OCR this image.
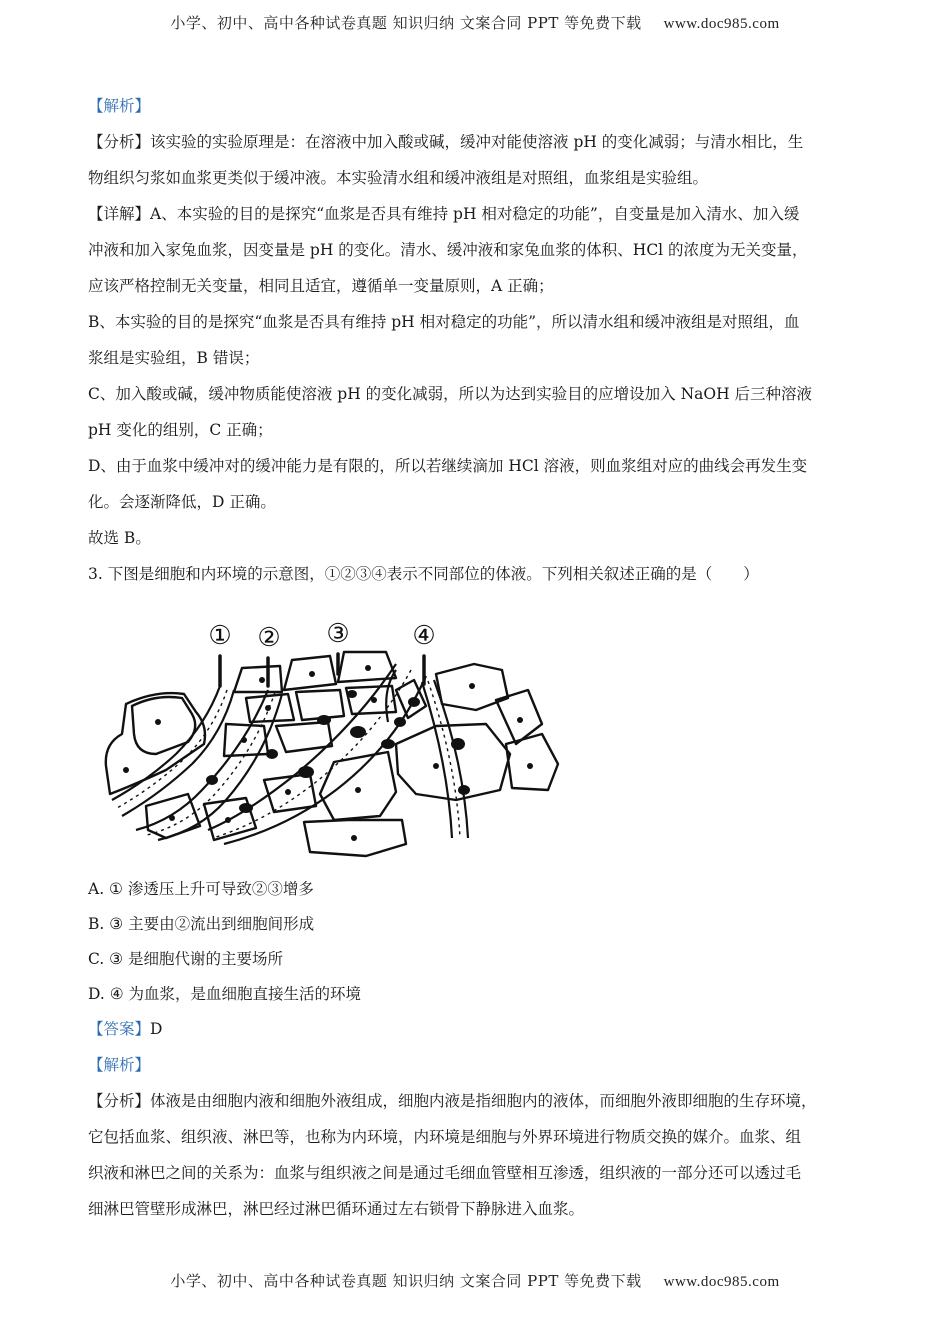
小学、初中、高中各种试卷真题 知识归纳 文案合同 PPT 等免费下载 www.doc985.com
【解析】
【分析】该实验的实验原理是：在溶液中加入酸或碱，缓冲对能使溶液 pH 的变化减弱；与清水相比，生
物组织匀浆如血浆更类似于缓冲液。本实验清水组和缓冲液组是对照组，血浆组是实验组。
【详解】A、本实验的目的是探究“血浆是否具有维持 pH 相对稳定的功能”，自变量是加入清水、加入缓
冲液和加入家兔血浆，因变量是 pH 的变化。清水、缓冲液和家兔血浆的体积、HCl 的浓度为无关变量，
应该严格控制无关变量，相同且适宜，遵循单一变量原则，A 正确；
B、本实验的目的是探究“血浆是否具有维持 pH 相对稳定的功能”，所以清水组和缓冲液组是对照组，血
浆组是实验组，B 错误；
C、加入酸或碱，缓冲物质能使溶液 pH 的变化减弱，所以为达到实验目的应增设加入 NaOH 后三种溶液
pH 变化的组别，C 正确；
D、由于血浆中缓冲对的缓冲能力是有限的，所以若继续滴加 HCl 溶液，则血浆组对应的曲线会再发生变
化。会逐渐降低，D 正确。
故选 B。
3. 下图是细胞和内环境的示意图，①②③④表示不同部位的体液。下列相关叙述正确的是（　　）
① ② ③ ④
A. ① 渗透压上升可导致②③增多
B. ③ 主要由②流出到细胞间形成
C. ③ 是细胞代谢的主要场所
D. ④ 为血浆，是血细胞直接生活的环境
【答案】D
【解析】
【分析】体液是由细胞内液和细胞外液组成，细胞内液是指细胞内的液体，而细胞外液即细胞的生存环境，
它包括血浆、组织液、淋巴等，也称为内环境，内环境是细胞与外界环境进行物质交换的媒介。血浆、组
织液和淋巴之间的关系为：血浆与组织液之间是通过毛细血管壁相互渗透，组织液的一部分还可以透过毛
细淋巴管壁形成淋巴，淋巴经过淋巴循环通过左右锁骨下静脉进入血浆。
小学、初中、高中各种试卷真题 知识归纳 文案合同 PPT 等免费下载 www.doc985.com
